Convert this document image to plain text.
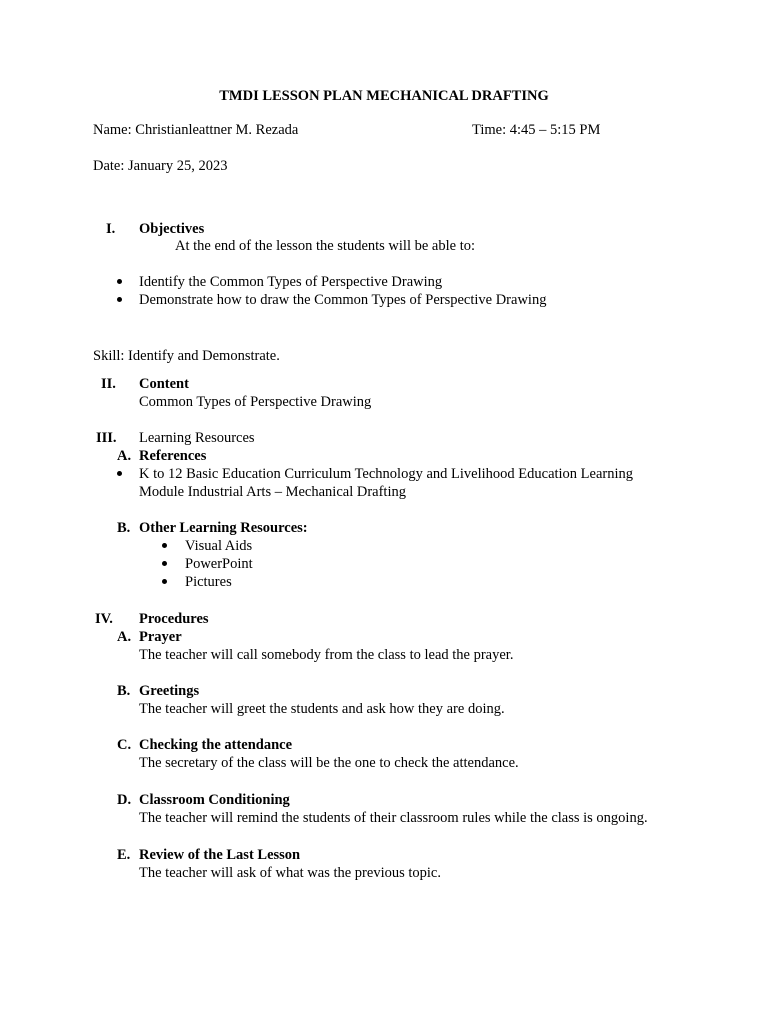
TMDI LESSON PLAN MECHANICAL DRAFTING
Name: Christianleattner M. Rezada	Time: 4:45 – 5:15 PM
Date: January 25, 2023
I. Objectives
At the end of the lesson the students will be able to:
Identify the Common Types of Perspective Drawing
Demonstrate how to draw the Common Types of Perspective Drawing
Skill: Identify and Demonstrate.
II. Content
Common Types of Perspective Drawing
III. Learning Resources
A. References
K to 12 Basic Education Curriculum Technology and Livelihood Education Learning
Module Industrial Arts – Mechanical Drafting
B. Other Learning Resources:
Visual Aids
PowerPoint
Pictures
IV. Procedures
A. Prayer
The teacher will call somebody from the class to lead the prayer.
B. Greetings
The teacher will greet the students and ask how they are doing.
C. Checking the attendance
The secretary of the class will be the one to check the attendance.
D. Classroom Conditioning
The teacher will remind the students of their classroom rules while the class is ongoing.
E. Review of the Last Lesson
The teacher will ask of what was the previous topic.
